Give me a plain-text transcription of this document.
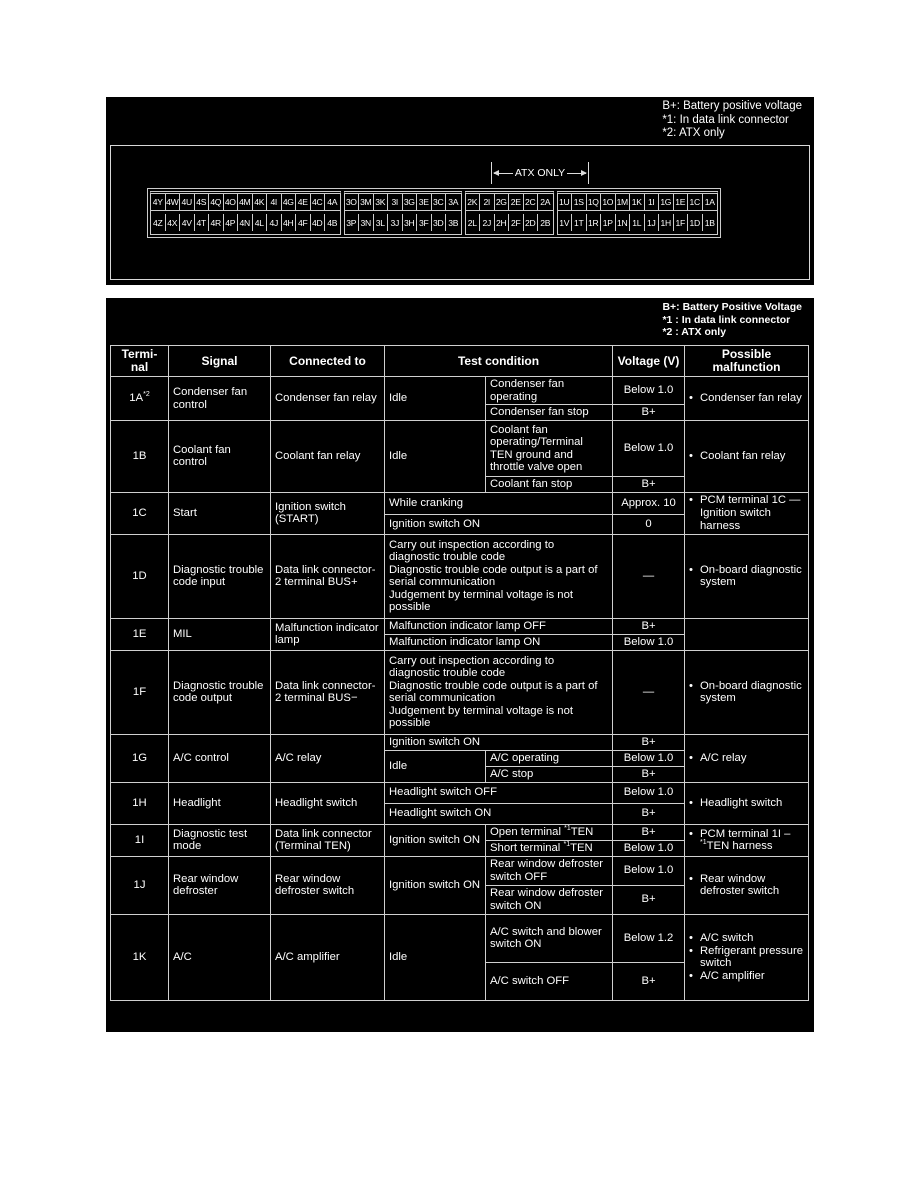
B+: Battery positive voltage
*1: In data link connector
*2: ATX only
ATX ONLY
4Y 4W 4U 4S 4Q 4O 4M 4K 4I 4G 4E 4C 4A
4Z 4X 4V 4T 4R 4P 4N 4L 4J 4H 4F 4D 4B
3O 3M 3K 3I 3G 3E 3C 3A
3P 3N 3L 3J 3H 3F 3D 3B
2K 2I 2G 2E 2C 2A
2L 2J 2H 2F 2D 2B
1U 1S 1Q 1O 1M 1K 1I 1G 1E 1C 1A
1V 1T 1R 1P 1N 1L 1J 1H 1F 1D 1B
B+: Battery Positive Voltage
*1 : In data link connector
*2 : ATX only
Termi-nal	Signal	Connected to	Test condition		Voltage (V)	Possible malfunction
$1A^{*2}$	Condenser fan control	Condenser fan relay	Idle	Condenser fan operating	Below 1.0	• Condenser fan relay

				Condenser fan stop	B+	
1B	Coolant fan control	Coolant fan relay	Idle	Coolant fan operating/Terminal TEN ground and throttle valve open	Below 1.0	• Coolant fan relay

				Coolant fan stop	B+	
1C	Start	Ignition switch (START)	While cranking		Approx. 10	• PCM terminal 1C — Ignition switch harness

			Ignition switch ON		0	
1D	Diagnostic trouble code input	Data link connector-2 terminal BUS+	Carry out inspection according to diagnostic trouble code
Diagnostic trouble code output is a part of serial communication
Judgement by terminal voltage is not possible		—	• On-board diagnostic system

1E	MIL	Malfunction indicator lamp	Malfunction indicator lamp OFF		B+	
			Malfunction indicator lamp ON		Below 1.0	
1F	Diagnostic trouble code output	Data link connector-2 terminal BUS−	Carry out inspection according to diagnostic trouble code
Diagnostic trouble code output is a part of serial communication
Judgement by terminal voltage is not possible		—	• On-board diagnostic system

1G	A/C control	A/C relay	Ignition switch ON		B+	• A/C relay

			Idle	A/C operating	Below 1.0	
				A/C stop	B+	
1H	Headlight	Headlight switch	Headlight switch OFF		Below 1.0	• Headlight switch

			Headlight switch ON		B+	
1I	Diagnostic test mode	Data link connector (Terminal TEN)	Ignition switch ON	Open terminal $^{*1}$TEN	B+	• PCM terminal 1I – $^{*1}$TEN harness

				Short terminal $^{*1}$TEN	Below 1.0	
1J	Rear window defroster	Rear window defroster switch	Ignition switch ON	Rear window defroster switch OFF	Below 1.0	• Rear window defroster switch

				Rear window defroster switch ON	B+	
1K	A/C	A/C amplifier	Idle	A/C switch and blower switch ON	Below 1.2	• A/C switch
• Refrigerant pressure switch
• A/C amplifier

				A/C switch OFF	B+	
